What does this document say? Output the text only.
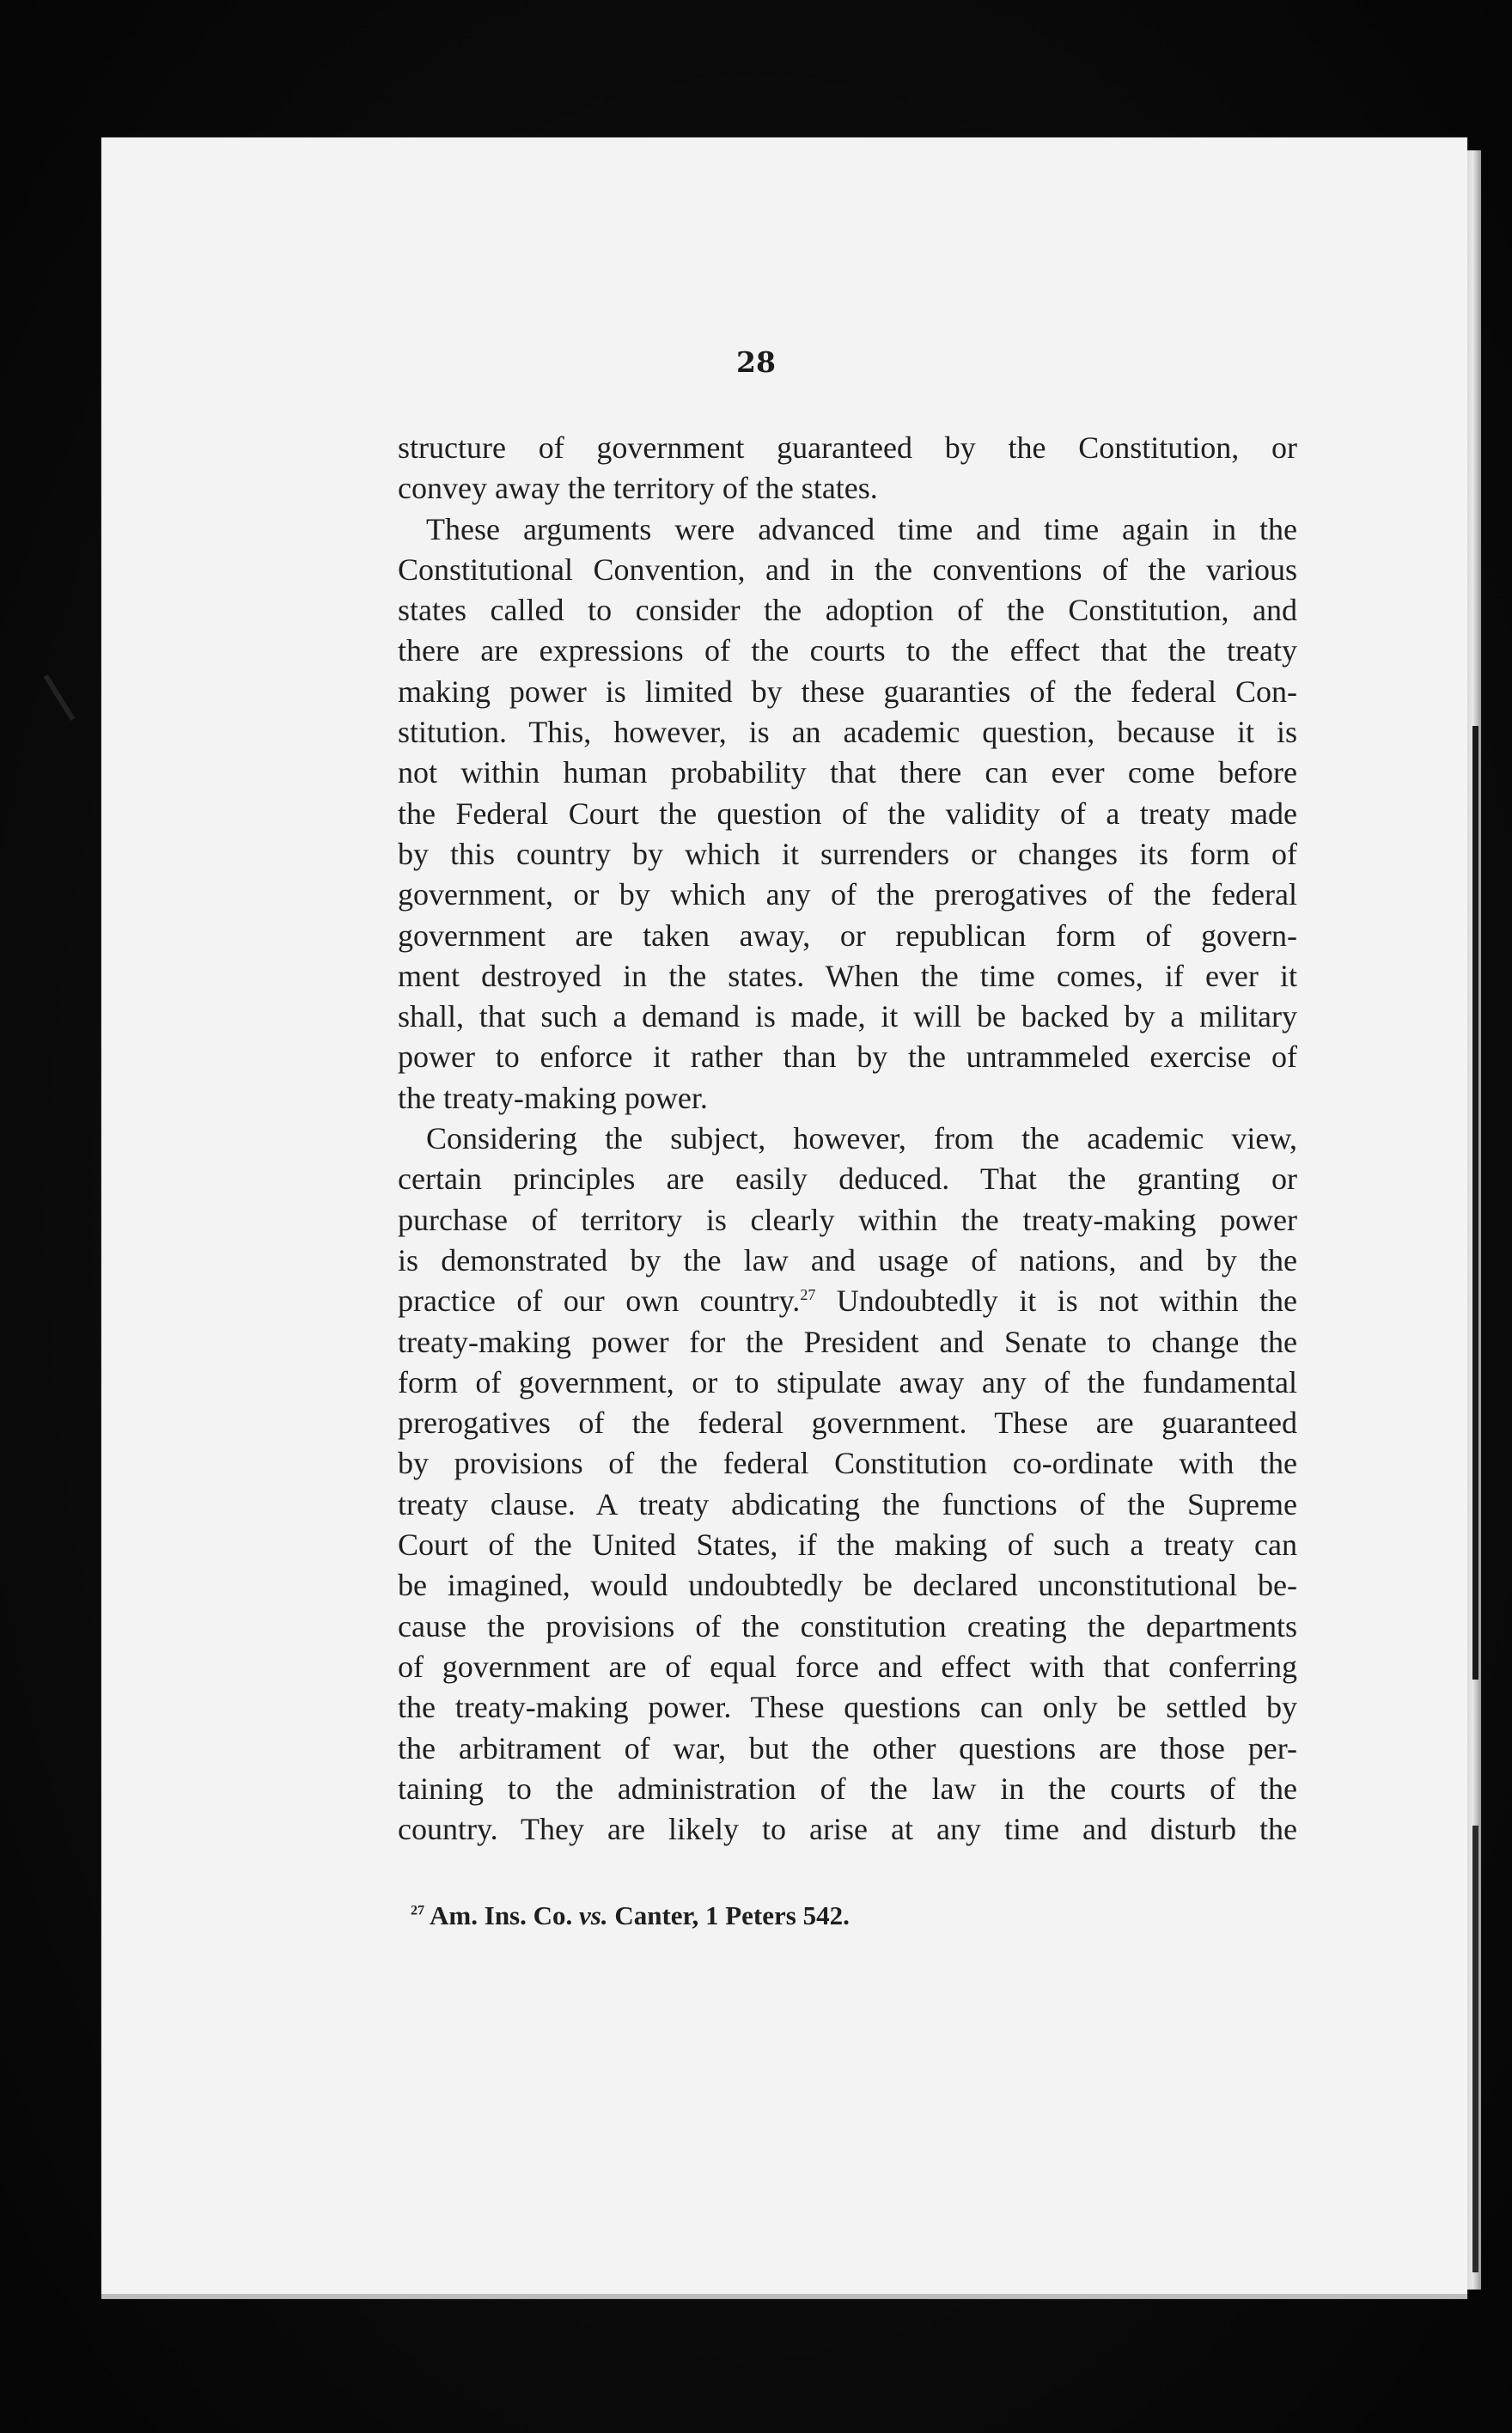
28
structure of government guaranteed by the Constitution, or
convey away the territory of the states.
These arguments were advanced time and time again in the
Constitutional Convention, and in the conventions of the various
states called to consider the adoption of the Constitution, and
there are expressions of the courts to the effect that the treaty
making power is limited by these guaranties of the federal Con-
stitution. This, however, is an academic question, because it is
not within human probability that there can ever come before
the Federal Court the question of the validity of a treaty made
by this country by which it surrenders or changes its form of
government, or by which any of the prerogatives of the federal
government are taken away, or republican form of govern-
ment destroyed in the states. When the time comes, if ever it
shall, that such a demand is made, it will be backed by a military
power to enforce it rather than by the untrammeled exercise of
the treaty-making power.
Considering the subject, however, from the academic view,
certain principles are easily deduced. That the granting or
purchase of territory is clearly within the treaty-making power
is demonstrated by the law and usage of nations, and by the
practice of our own country.$^{27}$ Undoubtedly it is not within the
treaty-making power for the President and Senate to change the
form of government, or to stipulate away any of the fundamental
prerogatives of the federal government. These are guaranteed
by provisions of the federal Constitution co-ordinate with the
treaty clause. A treaty abdicating the functions of the Supreme
Court of the United States, if the making of such a treaty can
be imagined, would undoubtedly be declared unconstitutional be-
cause the provisions of the constitution creating the departments
of government are of equal force and effect with that conferring
the treaty-making power. These questions can only be settled by
the arbitrament of war, but the other questions are those per-
taining to the administration of the law in the courts of the
country. They are likely to arise at any time and disturb the
$^{27}$ Am. Ins. Co. vs. Canter, 1 Peters 542.
